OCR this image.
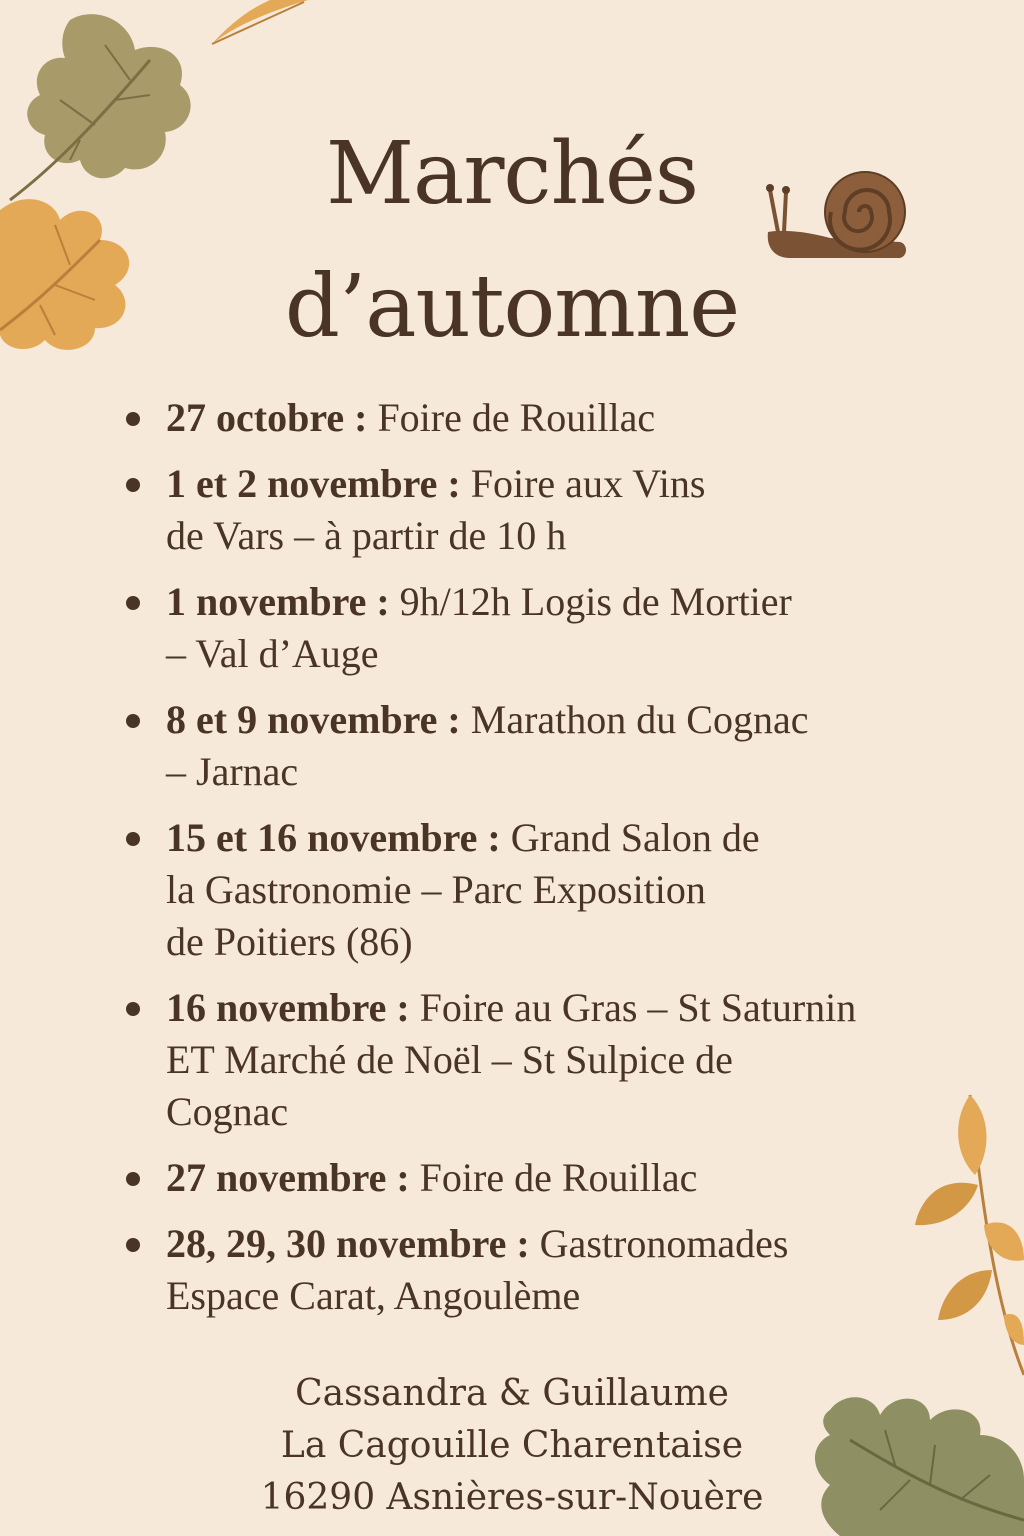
Marchés
d’automne
27 octobre : Foire de Rouillac
1 et 2 novembre : Foire aux Vins
de Vars – à partir de 10 h
1 novembre : 9h/12h Logis de Mortier
– Val d’Auge
8 et 9 novembre : Marathon du Cognac
– Jarnac
15 et 16 novembre : Grand Salon de
la Gastronomie – Parc Exposition
de Poitiers (86)
16 novembre : Foire au Gras – St Saturnin
ET Marché de Noël – St Sulpice de
Cognac
27 novembre : Foire de Rouillac
28, 29, 30 novembre : Gastronomades
Espace Carat, Angoulème
Cassandra & Guillaume
La Cagouille Charentaise
16290 Asnières-sur-Nouère
